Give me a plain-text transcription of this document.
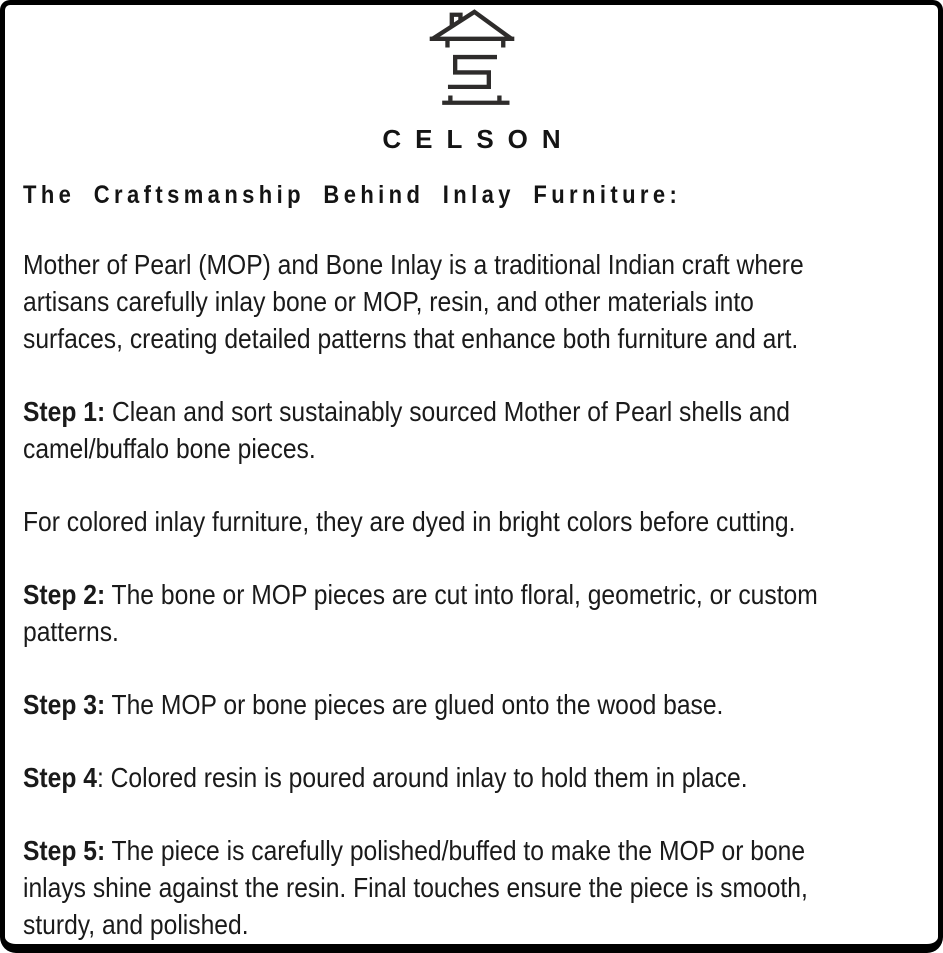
CELSON
The Craftsmanship Behind Inlay Furniture:
Mother of Pearl (MOP) and Bone Inlay is a traditional Indian craft where
artisans carefully inlay bone or MOP, resin, and other materials into
surfaces, creating detailed patterns that enhance both furniture and art.
Step 1: Clean and sort sustainably sourced Mother of Pearl shells and
camel/buffalo bone pieces.
For colored inlay furniture, they are dyed in bright colors before cutting.
Step 2: The bone or MOP pieces are cut into floral, geometric, or custom
patterns.
Step 3: The MOP or bone pieces are glued onto the wood base.
Step 4: Colored resin is poured around inlay to hold them in place.
Step 5: The piece is carefully polished/buffed to make the MOP or bone
inlays shine against the resin. Final touches ensure the piece is smooth,
sturdy, and polished.
